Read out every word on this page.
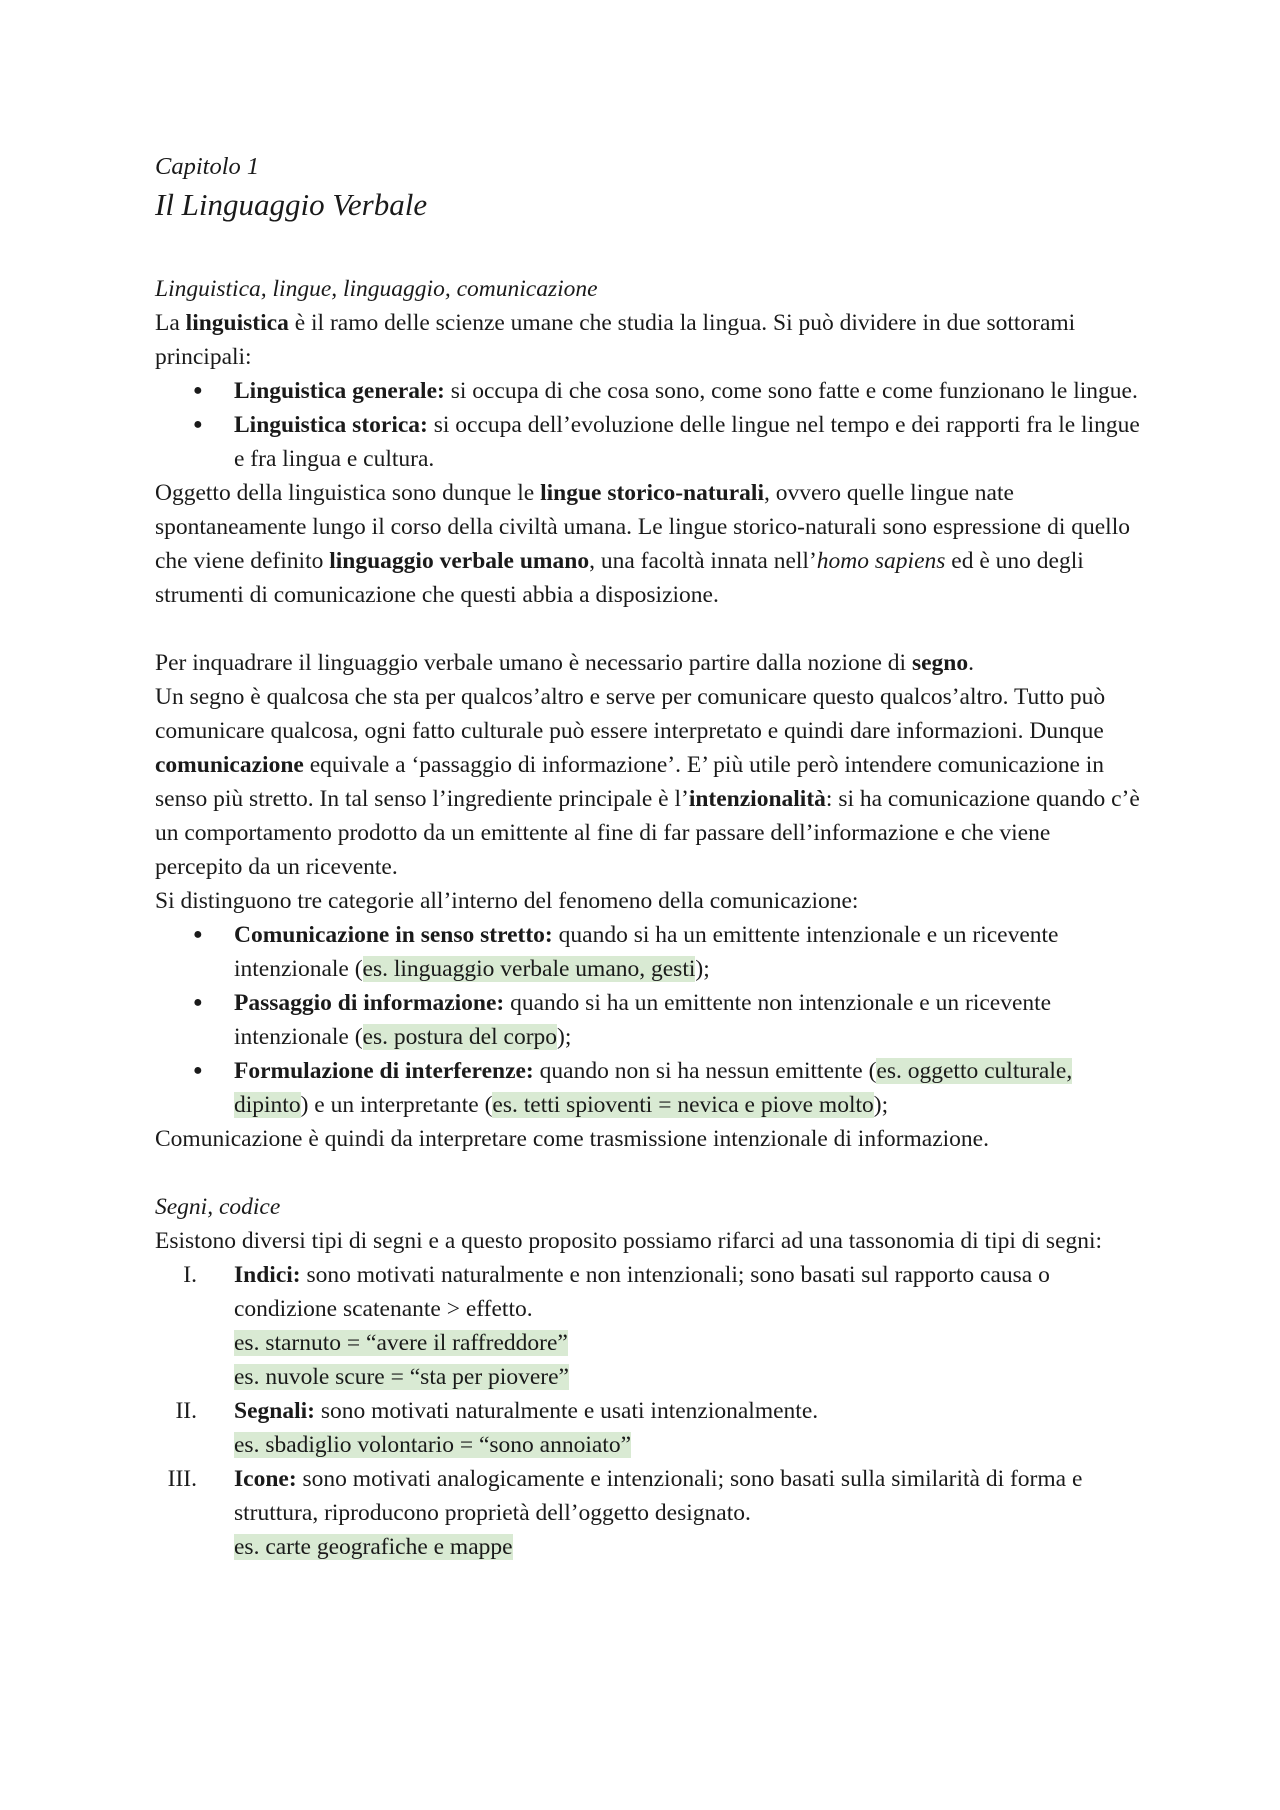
Capitolo 1

Il Linguaggio Verbale

Linguistica, lingue, linguaggio, comunicazione

La linguistica è il ramo delle scienze umane che studia la lingua. Si può dividere in due sottorami principali:

● Linguistica generale: si occupa di che cosa sono, come sono fatte e come funzionano le lingue.
● Linguistica storica: si occupa dell’evoluzione delle lingue nel tempo e dei rapporti fra le lingue e fra lingua e cultura.

Oggetto della linguistica sono dunque le lingue storico-naturali, ovvero quelle lingue nate spontaneamente lungo il corso della civiltà umana. Le lingue storico-naturali sono espressione di quello che viene definito linguaggio verbale umano, una facoltà innata nell’homo sapiens ed è uno degli strumenti di comunicazione che questi abbia a disposizione.

Per inquadrare il linguaggio verbale umano è necessario partire dalla nozione di segno.

Un segno è qualcosa che sta per qualcos’altro e serve per comunicare questo qualcos’altro. Tutto può comunicare qualcosa, ogni fatto culturale può essere interpretato e quindi dare informazioni. Dunque comunicazione equivale a ‘passaggio di informazione’. E’ più utile però intendere comunicazione in senso più stretto. In tal senso l’ingrediente principale è l’intenzionalità: si ha comunicazione quando c’è un comportamento prodotto da un emittente al fine di far passare dell’informazione e che viene percepito da un ricevente.

Si distinguono tre categorie all’interno del fenomeno della comunicazione:

● Comunicazione in senso stretto: quando si ha un emittente intenzionale e un ricevente intenzionale (es. linguaggio verbale umano, gesti);
● Passaggio di informazione: quando si ha un emittente non intenzionale e un ricevente intenzionale (es. postura del corpo);
● Formulazione di interferenze: quando non si ha nessun emittente (es. oggetto culturale, dipinto) e un interpretante (es. tetti spioventi = nevica e piove molto);

Comunicazione è quindi da interpretare come trasmissione intenzionale di informazione.

Segni, codice

Esistono diversi tipi di segni e a questo proposito possiamo rifarci ad una tassonomia di tipi di segni:

I. Indici: sono motivati naturalmente e non intenzionali; sono basati sul rapporto causa o condizione scatenante > effetto.
es. starnuto = “avere il raffreddore”
es. nuvole scure = “sta per piovere”
II. Segnali: sono motivati naturalmente e usati intenzionalmente.
es. sbadiglio volontario = “sono annoiato”
III. Icone: sono motivati analogicamente e intenzionali; sono basati sulla similarità di forma e struttura, riproducono proprietà dell’oggetto designato.
es. carte geografiche e mappe
